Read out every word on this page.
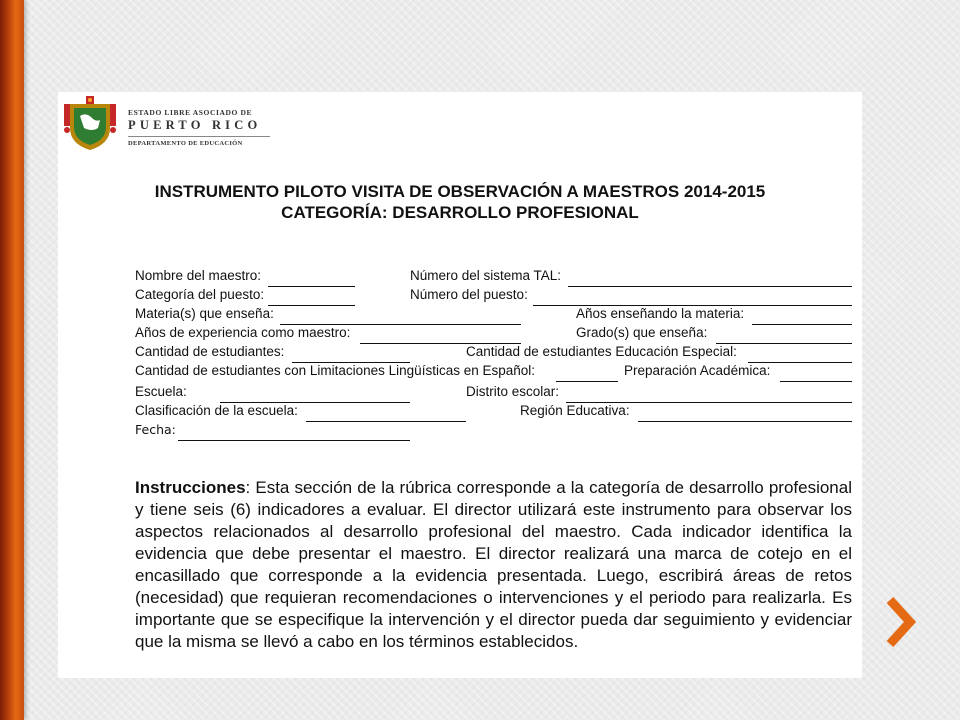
ESTADO LIBRE ASOCIADO DE
PUERTO RICO
DEPARTAMENTO DE EDUCACIÓN
INSTRUMENTO PILOTO VISITA DE OBSERVACIÓN A MAESTROS 2014-2015
CATEGORÍA: DESARROLLO PROFESIONAL
Nombre del maestro:	Número del sistema TAL:
Categoría del puesto:	Número del puesto:
Materia(s) que enseña:	Años enseñando la materia:
Años de experiencia como maestro:	Grado(s) que enseña:
Cantidad de estudiantes:	Cantidad de estudiantes Educación Especial:
Cantidad de estudiantes con Limitaciones Lingüísticas en Español:	Preparación Académica:
Escuela:	Distrito escolar:
Clasificación de la escuela:	Región Educativa:
Fecha:
Instrucciones: Esta sección de la rúbrica corresponde a la categoría de desarrollo profesional y tiene seis (6) indicadores a evaluar. El director utilizará este instrumento para observar los aspectos relacionados al desarrollo profesional del maestro. Cada indicador identifica la evidencia que debe presentar el maestro. El director realizará una marca de cotejo en el encasillado que corresponde a la evidencia presentada. Luego, escribirá áreas de retos (necesidad) que requieran recomendaciones o intervenciones y el periodo para realizarla. Es importante que se especifique la intervención y el director pueda dar seguimiento y evidenciar que la misma se llevó a cabo en los términos establecidos.
